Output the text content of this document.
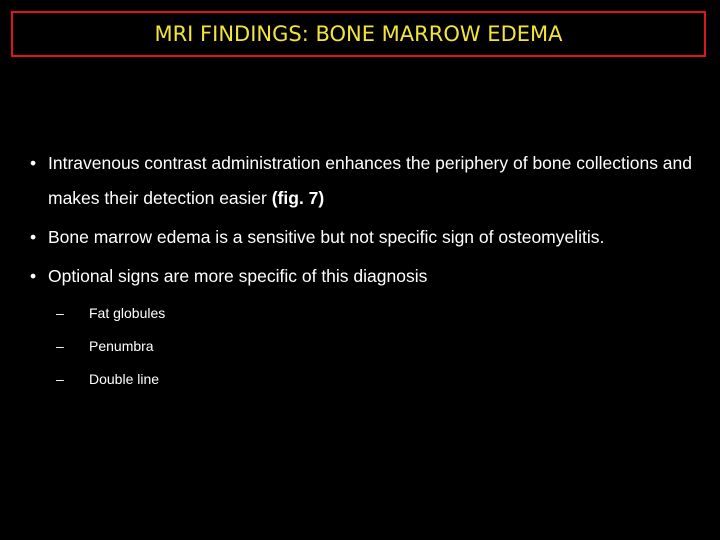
MRI FINDINGS: BONE MARROW EDEMA
• Intravenous contrast administration enhances the periphery of bone collections and makes their detection easier (fig. 7)
• Bone marrow edema is a sensitive but not specific sign of osteomyelitis.
• Optional signs are more specific of this diagnosis
– Fat globules
– Penumbra
– Double line
